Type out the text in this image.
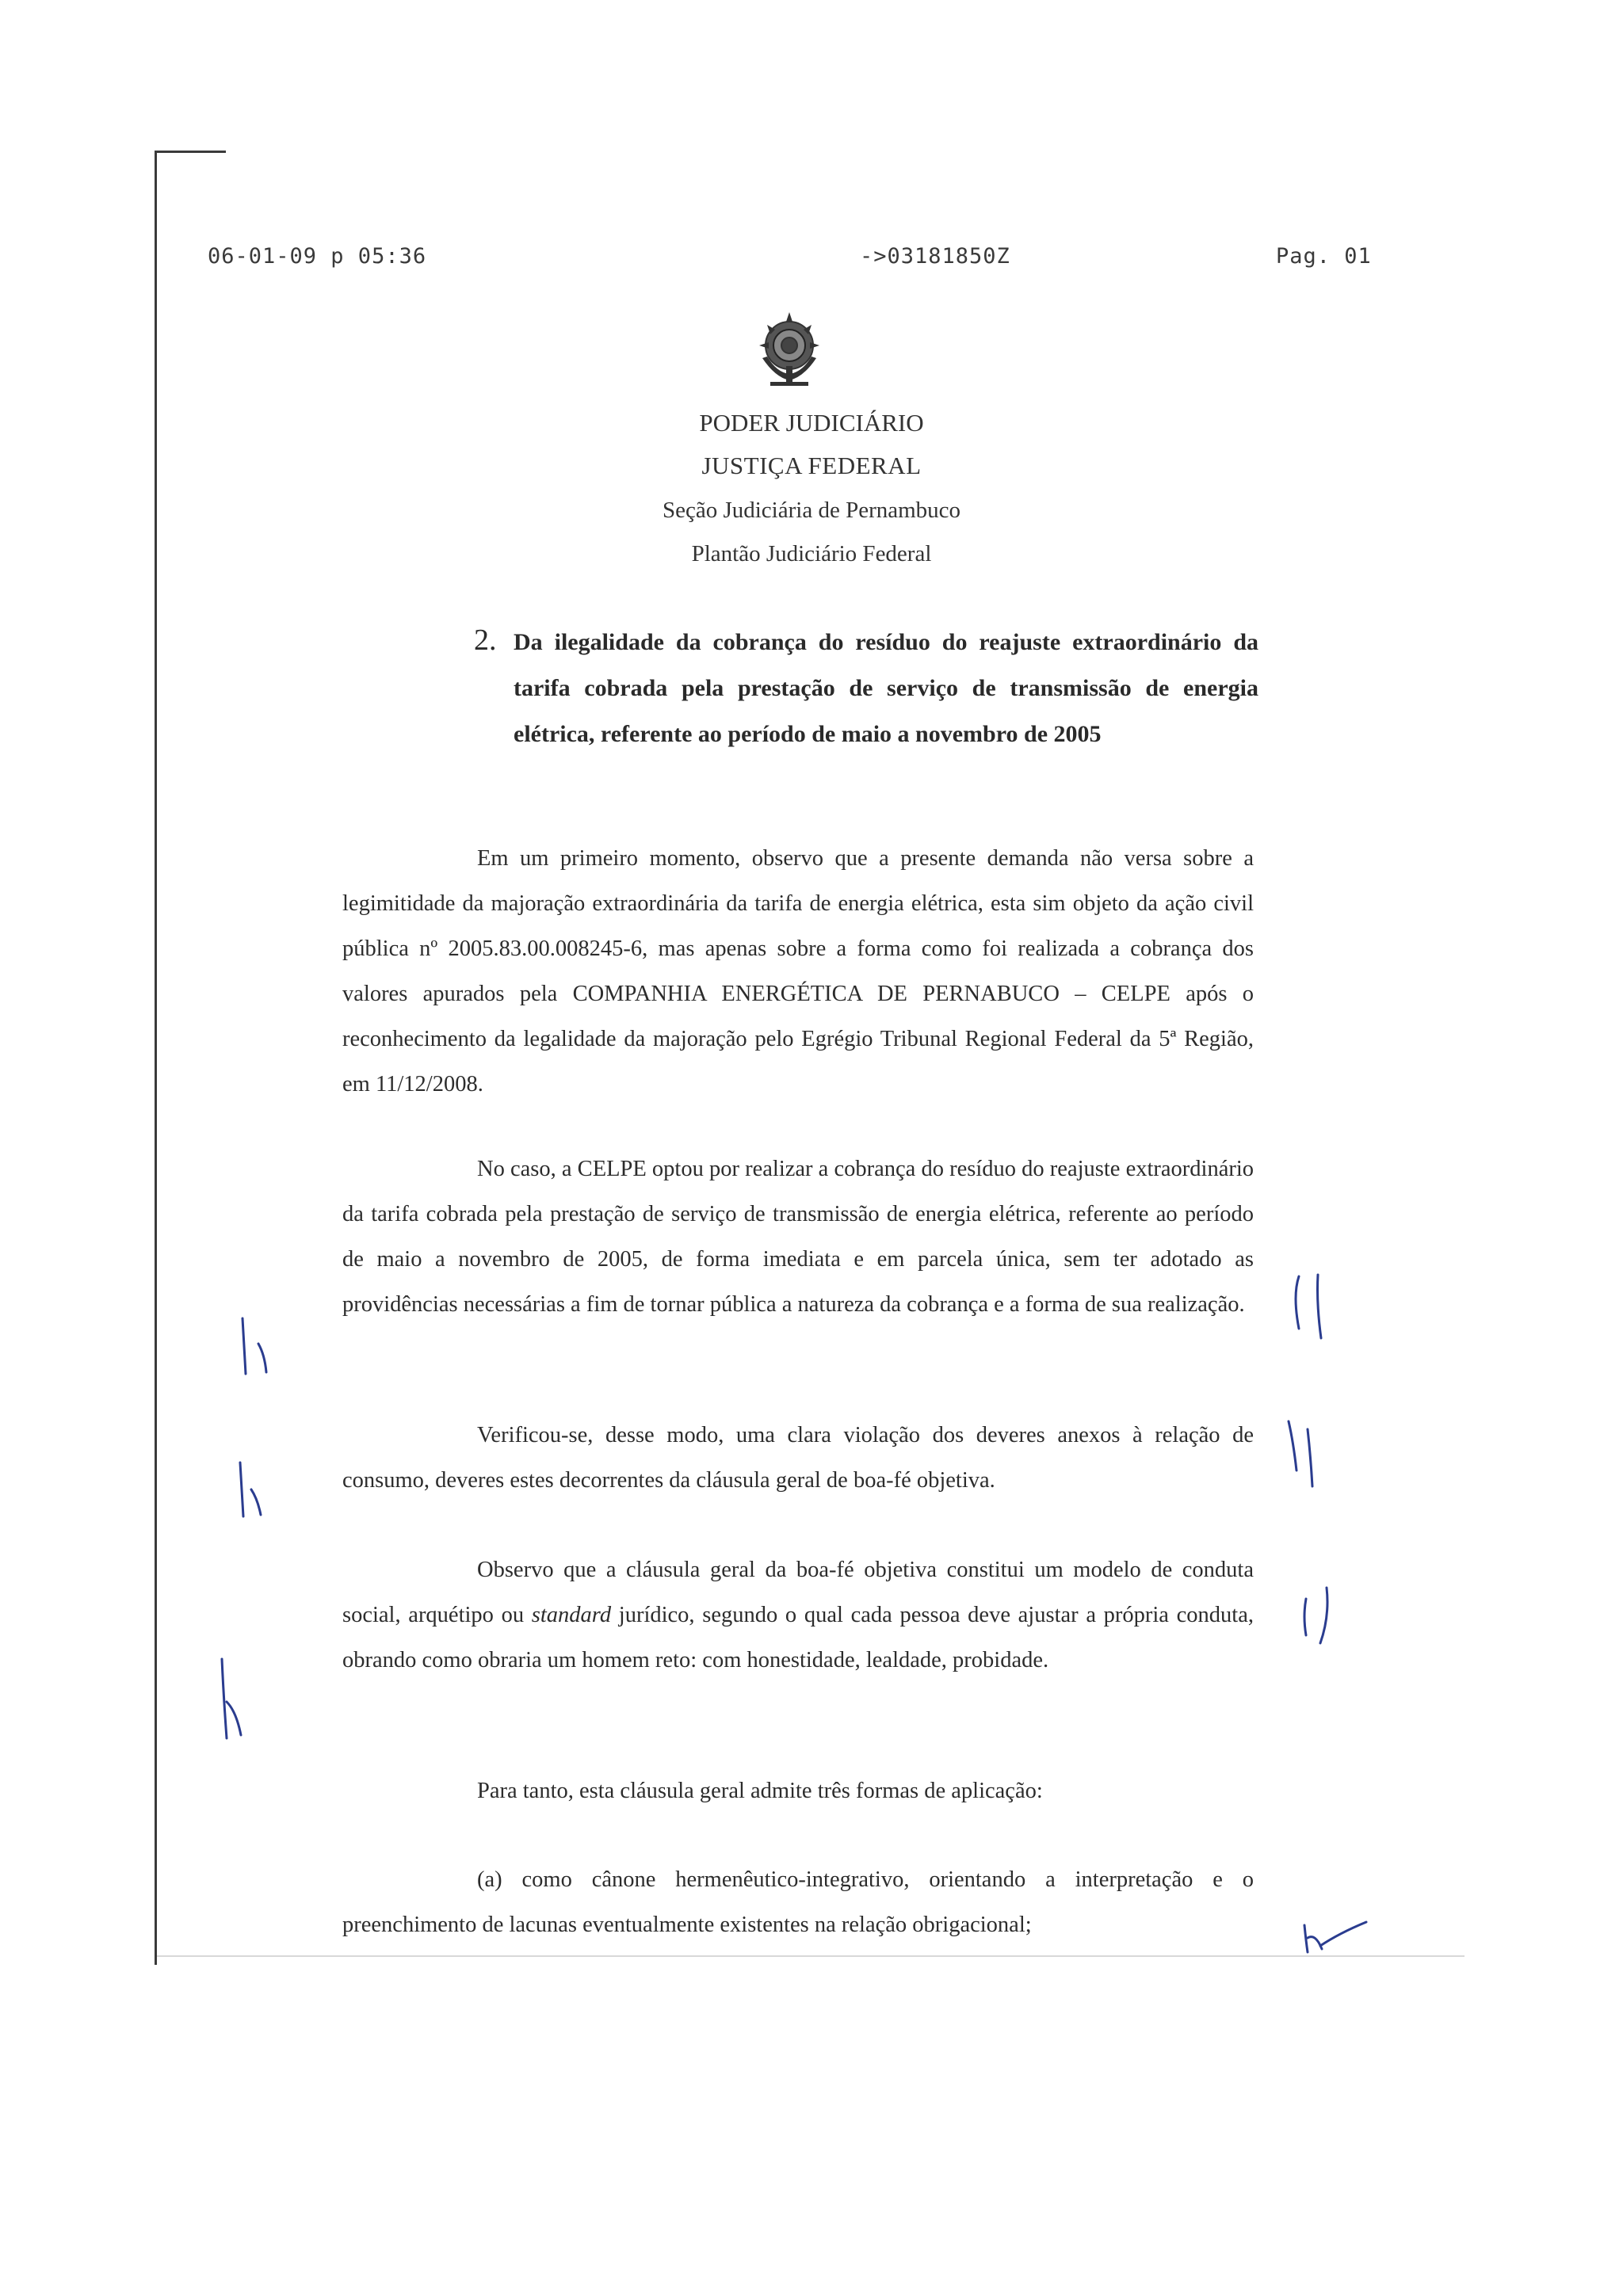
06-01-09 p 05:36	->03181850Z	Pag. 01
PODER JUDICIÁRIO
JUSTIÇA FEDERAL
Seção Judiciária de Pernambuco
Plantão Judiciário Federal
2. Da ilegalidade da cobrança do resíduo do reajuste extraordinário da tarifa cobrada pela prestação de serviço de transmissão de energia elétrica, referente ao período de maio a novembro de 2005
Em um primeiro momento, observo que a presente demanda não versa sobre a legimitidade da majoração extraordinária da tarifa de energia elétrica, esta sim objeto da ação civil pública nº 2005.83.00.008245-6, mas apenas sobre a forma como foi realizada a cobrança dos valores apurados pela COMPANHIA ENERGÉTICA DE PERNABUCO – CELPE após o reconhecimento da legalidade da majoração pelo Egrégio Tribunal Regional Federal da 5ª Região, em 11/12/2008.
No caso, a CELPE optou por realizar a cobrança do resíduo do reajuste extraordinário da tarifa cobrada pela prestação de serviço de transmissão de energia elétrica, referente ao período de maio a novembro de 2005, de forma imediata e em parcela única, sem ter adotado as providências necessárias a fim de tornar pública a natureza da cobrança e a forma de sua realização.
Verificou-se, desse modo, uma clara violação dos deveres anexos à relação de consumo, deveres estes decorrentes da cláusula geral de boa-fé objetiva.
Observo que a cláusula geral da boa-fé objetiva constitui um modelo de conduta social, arquétipo ou standard jurídico, segundo o qual cada pessoa deve ajustar a própria conduta, obrando como obraria um homem reto: com honestidade, lealdade, probidade.
Para tanto, esta cláusula geral admite três formas de aplicação:
(a) como cânone hermenêutico-integrativo, orientando a interpretação e o preenchimento de lacunas eventualmente existentes na relação obrigacional;
